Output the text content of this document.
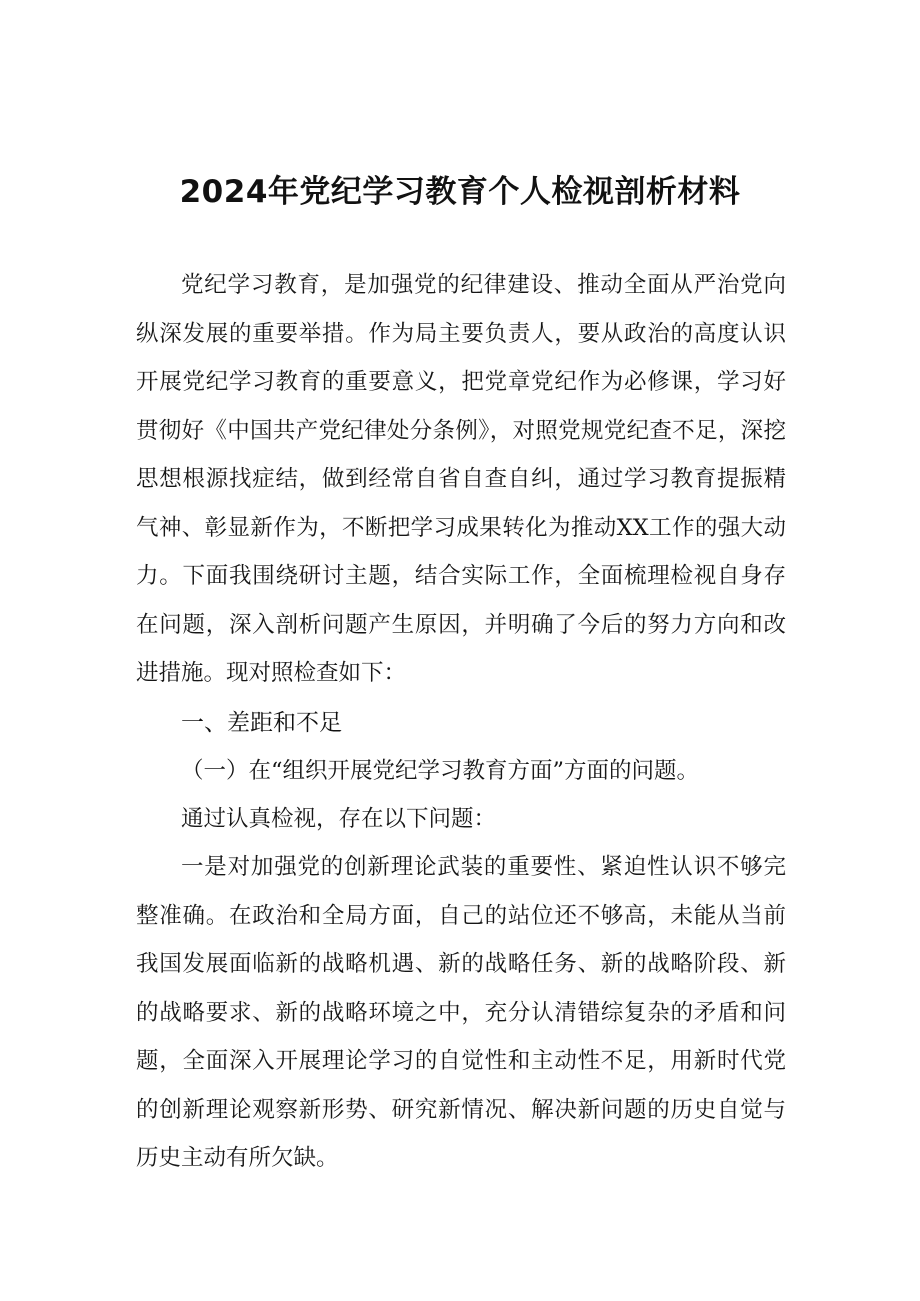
2024年党纪学习教育个人检视剖析材料

党纪学习教育，是加强党的纪律建设、推动全面从严治党向纵深发展的重要举措。作为局主要负责人，要从政治的高度认识开展党纪学习教育的重要意义，把党章党纪作为必修课，学习好贯彻好《中国共产党纪律处分条例》，对照党规党纪查不足，深挖思想根源找症结，做到经常自省自查自纠，通过学习教育提振精气神、彰显新作为，不断把学习成果转化为推动XX工作的强大动力。下面我围绕研讨主题，结合实际工作，全面梳理检视自身存在问题，深入剖析问题产生原因，并明确了今后的努力方向和改进措施。现对照检查如下：

一、差距和不足
（一）在“组织开展党纪学习教育方面”方面的问题。
通过认真检视，存在以下问题：

一是对加强党的创新理论武装的重要性、紧迫性认识不够完整准确。在政治和全局方面，自己的站位还不够高，未能从当前我国发展面临新的战略机遇、新的战略任务、新的战略阶段、新的战略要求、新的战略环境之中，充分认清错综复杂的矛盾和问题，全面深入开展理论学习的自觉性和主动性不足，用新时代党的创新理论观察新形势、研究新情况、解决新问题的历史自觉与历史主动有所欠缺。
